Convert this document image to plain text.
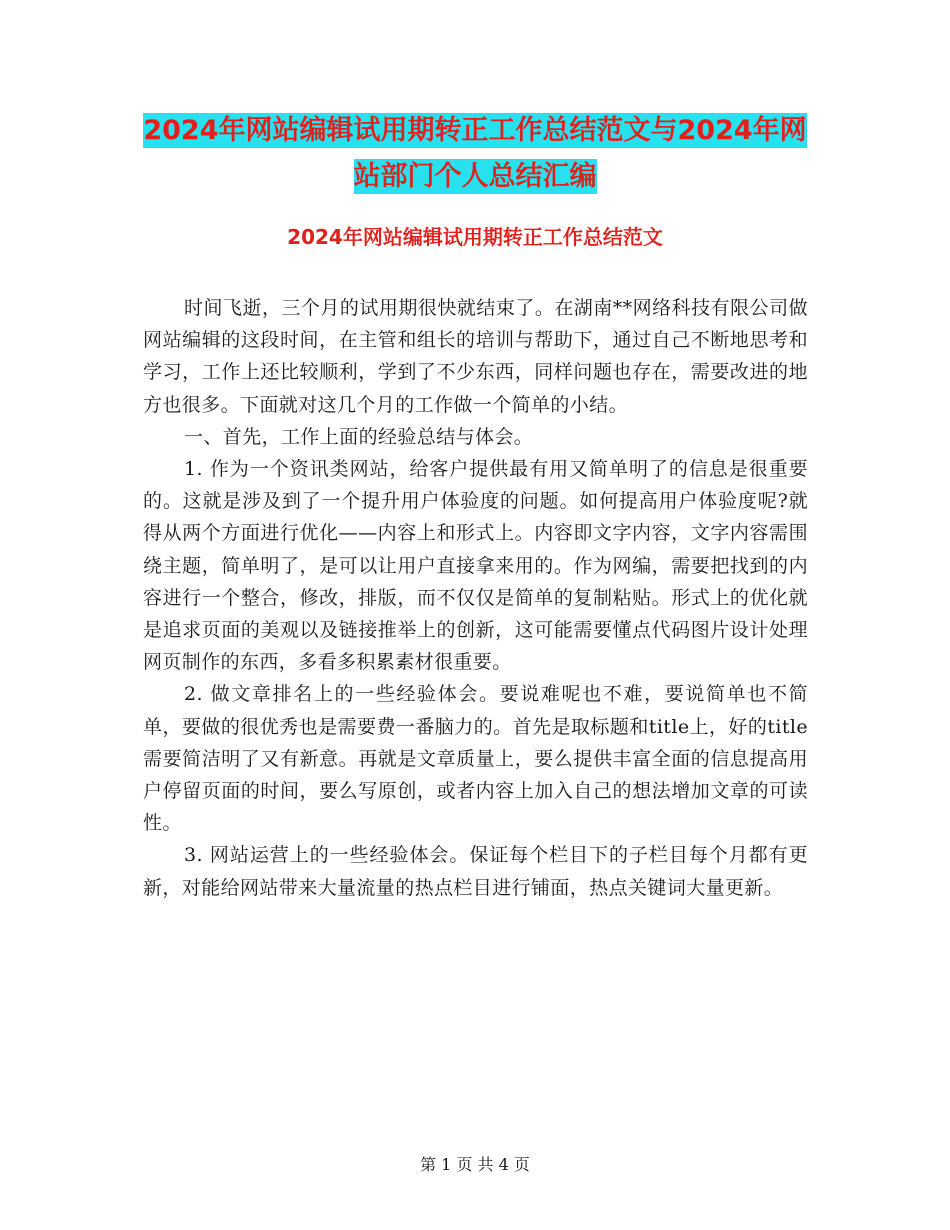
2024年网站编辑试用期转正工作总结范文与2024年网
站部门个人总结汇编
2024年网站编辑试用期转正工作总结范文

时间飞逝，三个月的试用期很快就结束了。在湖南**网络科技有限公司做网站编辑的这段时间，在主管和组长的培训与帮助下，通过自己不断地思考和学习，工作上还比较顺利，学到了不少东西，同样问题也存在，需要改进的地方也很多。下面就对这几个月的工作做一个简单的小结。

一、首先，工作上面的经验总结与体会。

1. 作为一个资讯类网站，给客户提供最有用又简单明了的信息是很重要的。这就是涉及到了一个提升用户体验度的问题。如何提高用户体验度呢?就得从两个方面进行优化——内容上和形式上。内容即文字内容，文字内容需围绕主题，简单明了，是可以让用户直接拿来用的。作为网编，需要把找到的内容进行一个整合，修改，排版，而不仅仅是简单的复制粘贴。形式上的优化就是追求页面的美观以及链接推举上的创新，这可能需要懂点代码图片设计处理网页制作的东西，多看多积累素材很重要。

2. 做文章排名上的一些经验体会。要说难呢也不难，要说简单也不简单，要做的很优秀也是需要费一番脑力的。首先是取标题和title上，好的title需要简洁明了又有新意。再就是文章质量上，要么提供丰富全面的信息提高用户停留页面的时间，要么写原创，或者内容上加入自己的想法增加文章的可读性。

3. 网站运营上的一些经验体会。保证每个栏目下的子栏目每个月都有更新，对能给网站带来大量流量的热点栏目进行铺面，热点关键词大量更新。

第 1 页 共 4 页
